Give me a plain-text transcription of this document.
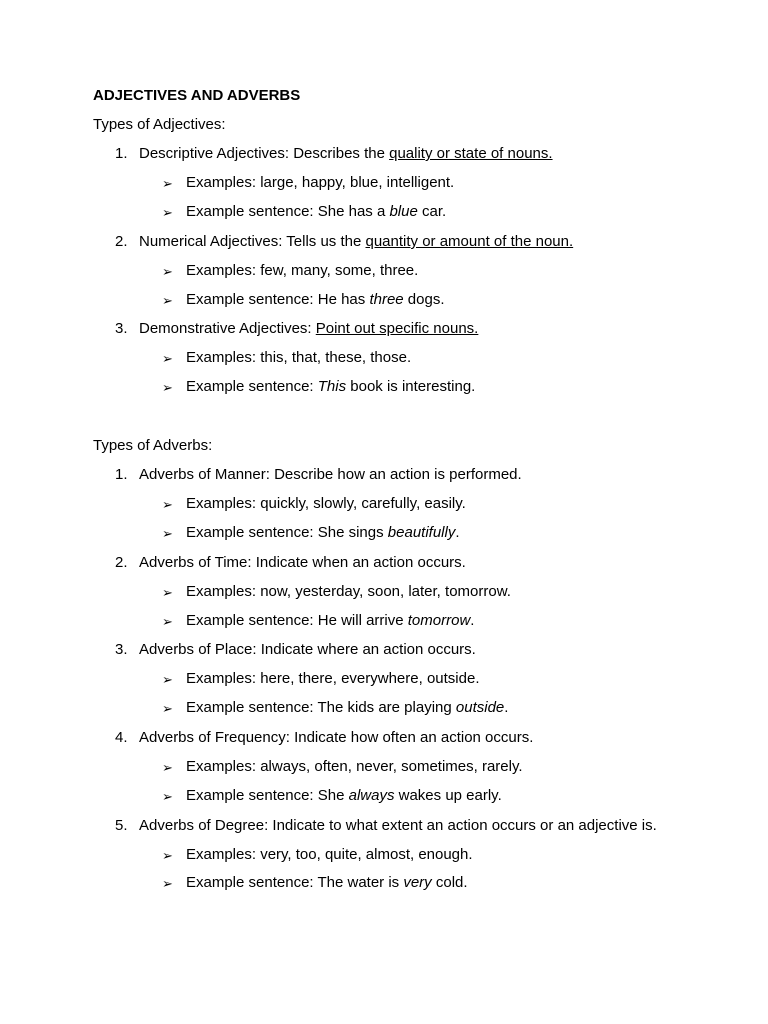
ADJECTIVES AND ADVERBS
Types of Adjectives:
1. Descriptive Adjectives: Describes the quality or state of nouns.
➢ Examples: large, happy, blue, intelligent.
➢ Example sentence: She has a blue car.
2. Numerical Adjectives: Tells us the quantity or amount of the noun.
➢ Examples: few, many, some, three.
➢ Example sentence: He has three dogs.
3. Demonstrative Adjectives: Point out specific nouns.
➢ Examples: this, that, these, those.
➢ Example sentence: This book is interesting.
Types of Adverbs:
1. Adverbs of Manner: Describe how an action is performed.
➢ Examples: quickly, slowly, carefully, easily.
➢ Example sentence: She sings beautifully.
2. Adverbs of Time: Indicate when an action occurs.
➢ Examples: now, yesterday, soon, later, tomorrow.
➢ Example sentence: He will arrive tomorrow.
3. Adverbs of Place: Indicate where an action occurs.
➢ Examples: here, there, everywhere, outside.
➢ Example sentence: The kids are playing outside.
4. Adverbs of Frequency: Indicate how often an action occurs.
➢ Examples: always, often, never, sometimes, rarely.
➢ Example sentence: She always wakes up early.
5. Adverbs of Degree: Indicate to what extent an action occurs or an adjective is.
➢ Examples: very, too, quite, almost, enough.
➢ Example sentence: The water is very cold.
